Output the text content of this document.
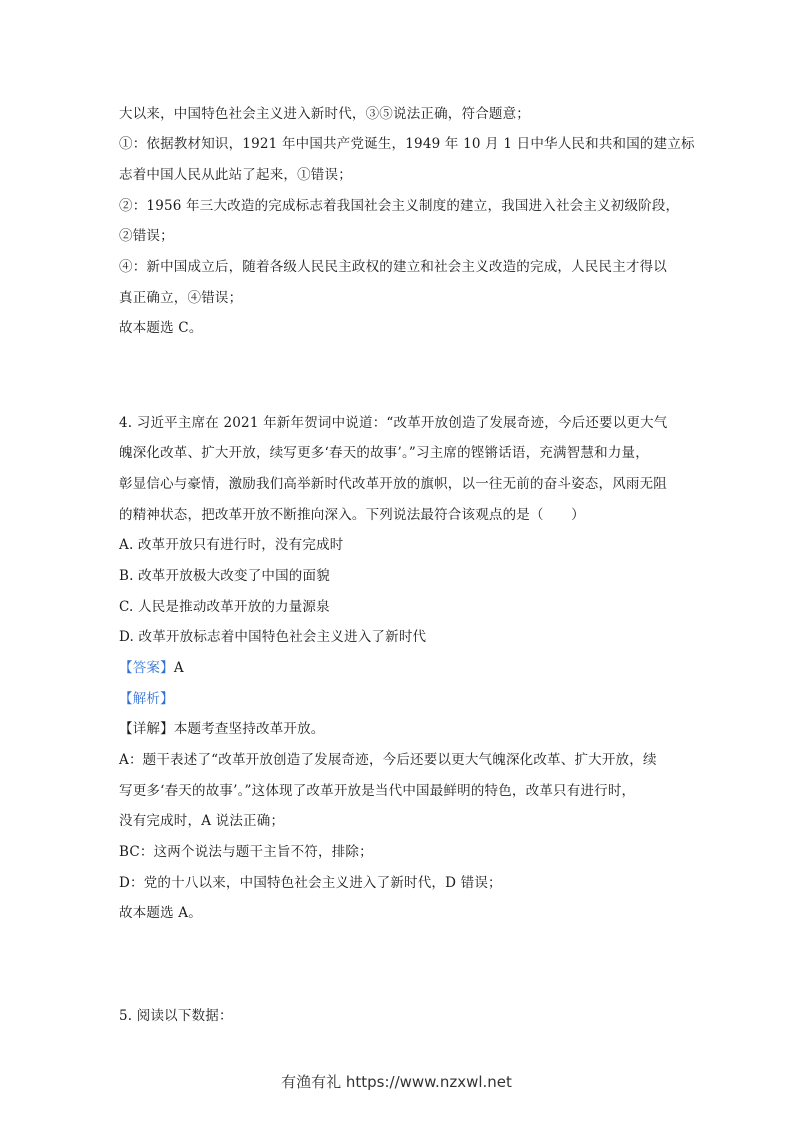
大以来，中国特色社会主义进入新时代，③⑤说法正确，符合题意；
①：依据教材知识，1921 年中国共产党诞生，1949 年 10 月 1 日中华人民和共和国的建立标
志着中国人民从此站了起来，①错误；
②：1956 年三大改造的完成标志着我国社会主义制度的建立，我国进入社会主义初级阶段，
②错误；
④：新中国成立后，随着各级人民民主政权的建立和社会主义改造的完成，人民民主才得以
真正确立，④错误；
故本题选 C。
4. 习近平主席在 2021 年新年贺词中说道：“改革开放创造了发展奇迹，今后还要以更大气
魄深化改革、扩大开放，续写更多‘春天的故事’。”习主席的铿锵话语，充满智慧和力量，
彰显信心与豪情，激励我们高举新时代改革开放的旗帜，以一往无前的奋斗姿态，风雨无阻
的精神状态，把改革开放不断推向深入。下列说法最符合该观点的是（　　）
A. 改革开放只有进行时，没有完成时
B. 改革开放极大改变了中国的面貌
C. 人民是推动改革开放的力量源泉
D. 改革开放标志着中国特色社会主义进入了新时代
【答案】A
【解析】
【详解】本题考查坚持改革开放。
A：题干表述了“改革开放创造了发展奇迹，今后还要以更大气魄深化改革、扩大开放，续
写更多‘春天的故事’。”这体现了改革开放是当代中国最鲜明的特色，改革只有进行时，
没有完成时，A 说法正确；
BC：这两个说法与题干主旨不符，排除；
D：党的十八以来，中国特色社会主义进入了新时代，D 错误；
故本题选 A。
5. 阅读以下数据：
有渔有礼 https://www.nzxwl.net
